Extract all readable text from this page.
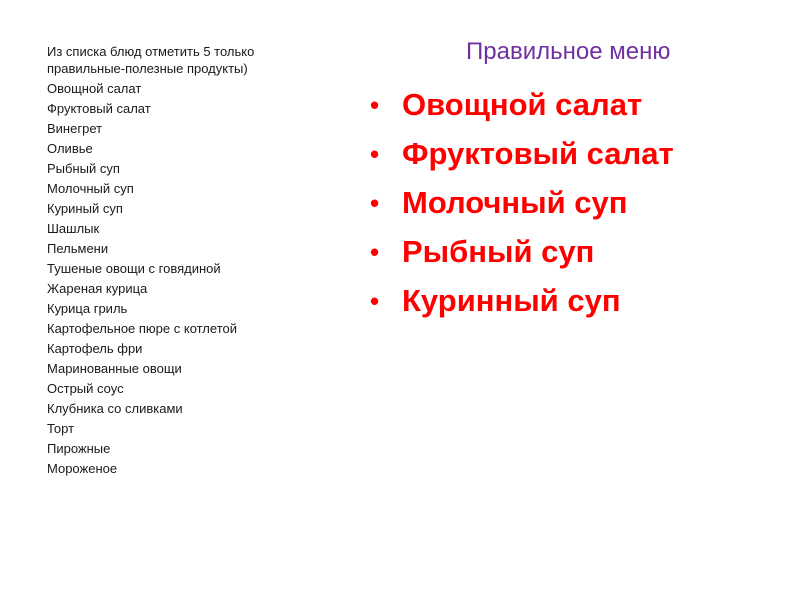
Из списка блюд отметить 5 только правильные-полезные продукты)

Овощной салат
Фруктовый салат
Винегрет
Оливье
Рыбный суп
Молочный суп
Куриный суп
Шашлык
Пельмени
Тушеные овощи с говядиной
Жареная курица
Курица гриль
Картофельное пюре с котлетой
Картофель фри
Маринованные овощи
Острый соус
Клубника со сливками
Торт
Пирожные
Мороженое
Правильное меню
• Овощной салат
• Фруктовый салат
• Молочный суп
• Рыбный суп
• Куринный суп
